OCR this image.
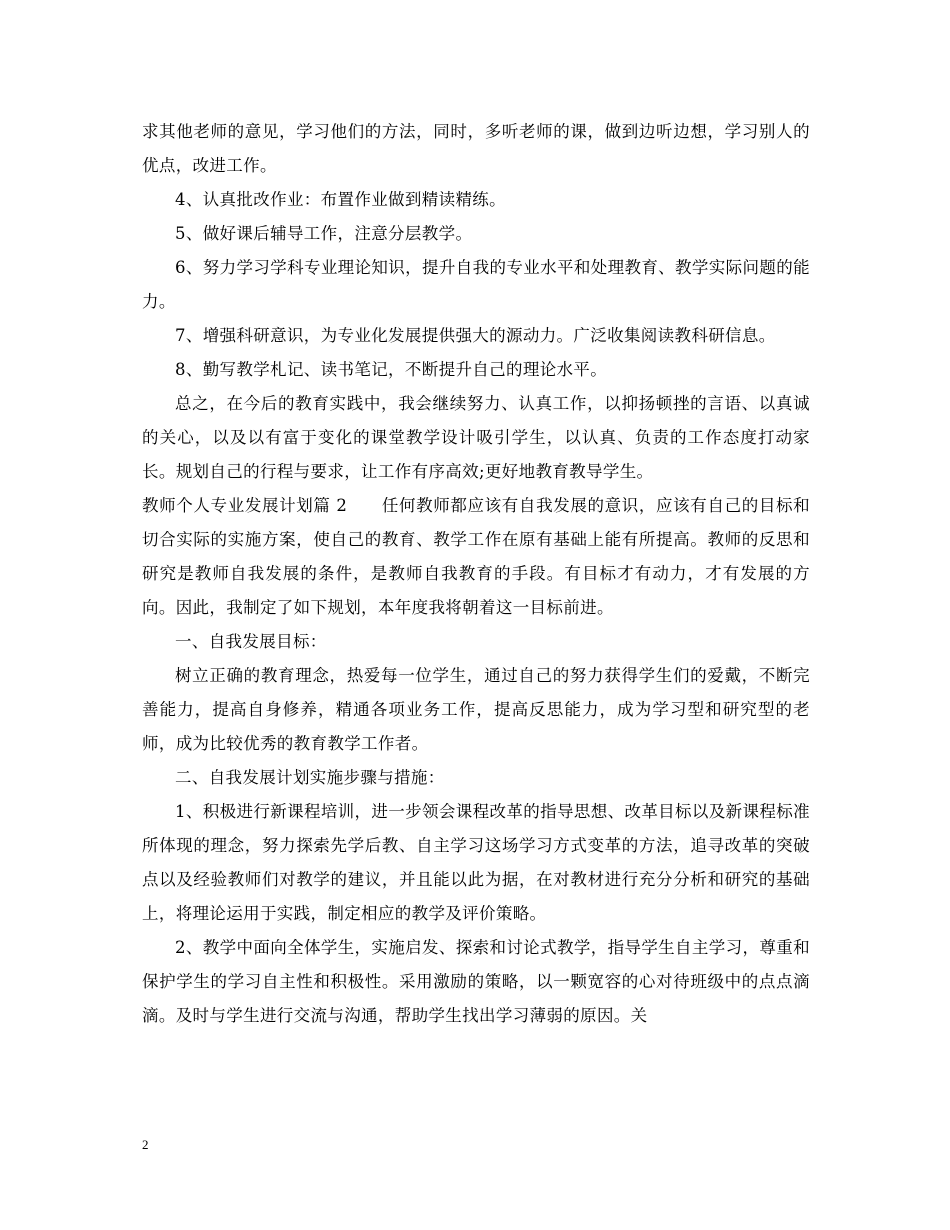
求其他老师的意见，学习他们的方法，同时，多听老师的课，做到边听边想，学习别人的优点，改进工作。

4、认真批改作业：布置作业做到精读精练。

5、做好课后辅导工作，注意分层教学。

6、努力学习学科专业理论知识，提升自我的专业水平和处理教育、教学实际问题的能力。

7、增强科研意识，为专业化发展提供强大的源动力。广泛收集阅读教科研信息。

8、勤写教学札记、读书笔记，不断提升自己的理论水平。

总之，在今后的教育实践中，我会继续努力、认真工作，以抑扬顿挫的言语、以真诚的关心，以及以有富于变化的课堂教学设计吸引学生，以认真、负责的工作态度打动家长。规划自己的行程与要求，让工作有序高效;更好地教育教导学生。

教师个人专业发展计划篇 2　　任何教师都应该有自我发展的意识，应该有自己的目标和切合实际的实施方案，使自己的教育、教学工作在原有基础上能有所提高。教师的反思和研究是教师自我发展的条件，是教师自我教育的手段。有目标才有动力，才有发展的方向。因此，我制定了如下规划，本年度我将朝着这一目标前进。

一、自我发展目标：

树立正确的教育理念，热爱每一位学生，通过自己的努力获得学生们的爱戴，不断完善能力，提高自身修养，精通各项业务工作，提高反思能力，成为学习型和研究型的老师，成为比较优秀的教育教学工作者。

二、自我发展计划实施步骤与措施：

1、积极进行新课程培训，进一步领会课程改革的指导思想、改革目标以及新课程标准所体现的理念，努力探索先学后教、自主学习这场学习方式变革的方法，追寻改革的突破点以及经验教师们对教学的建议，并且能以此为据，在对教材进行充分分析和研究的基础上，将理论运用于实践，制定相应的教学及评价策略。

2、教学中面向全体学生，实施启发、探索和讨论式教学，指导学生自主学习，尊重和保护学生的学习自主性和积极性。采用激励的策略，以一颗宽容的心对待班级中的点点滴滴。及时与学生进行交流与沟通，帮助学生找出学习薄弱的原因。关

2
